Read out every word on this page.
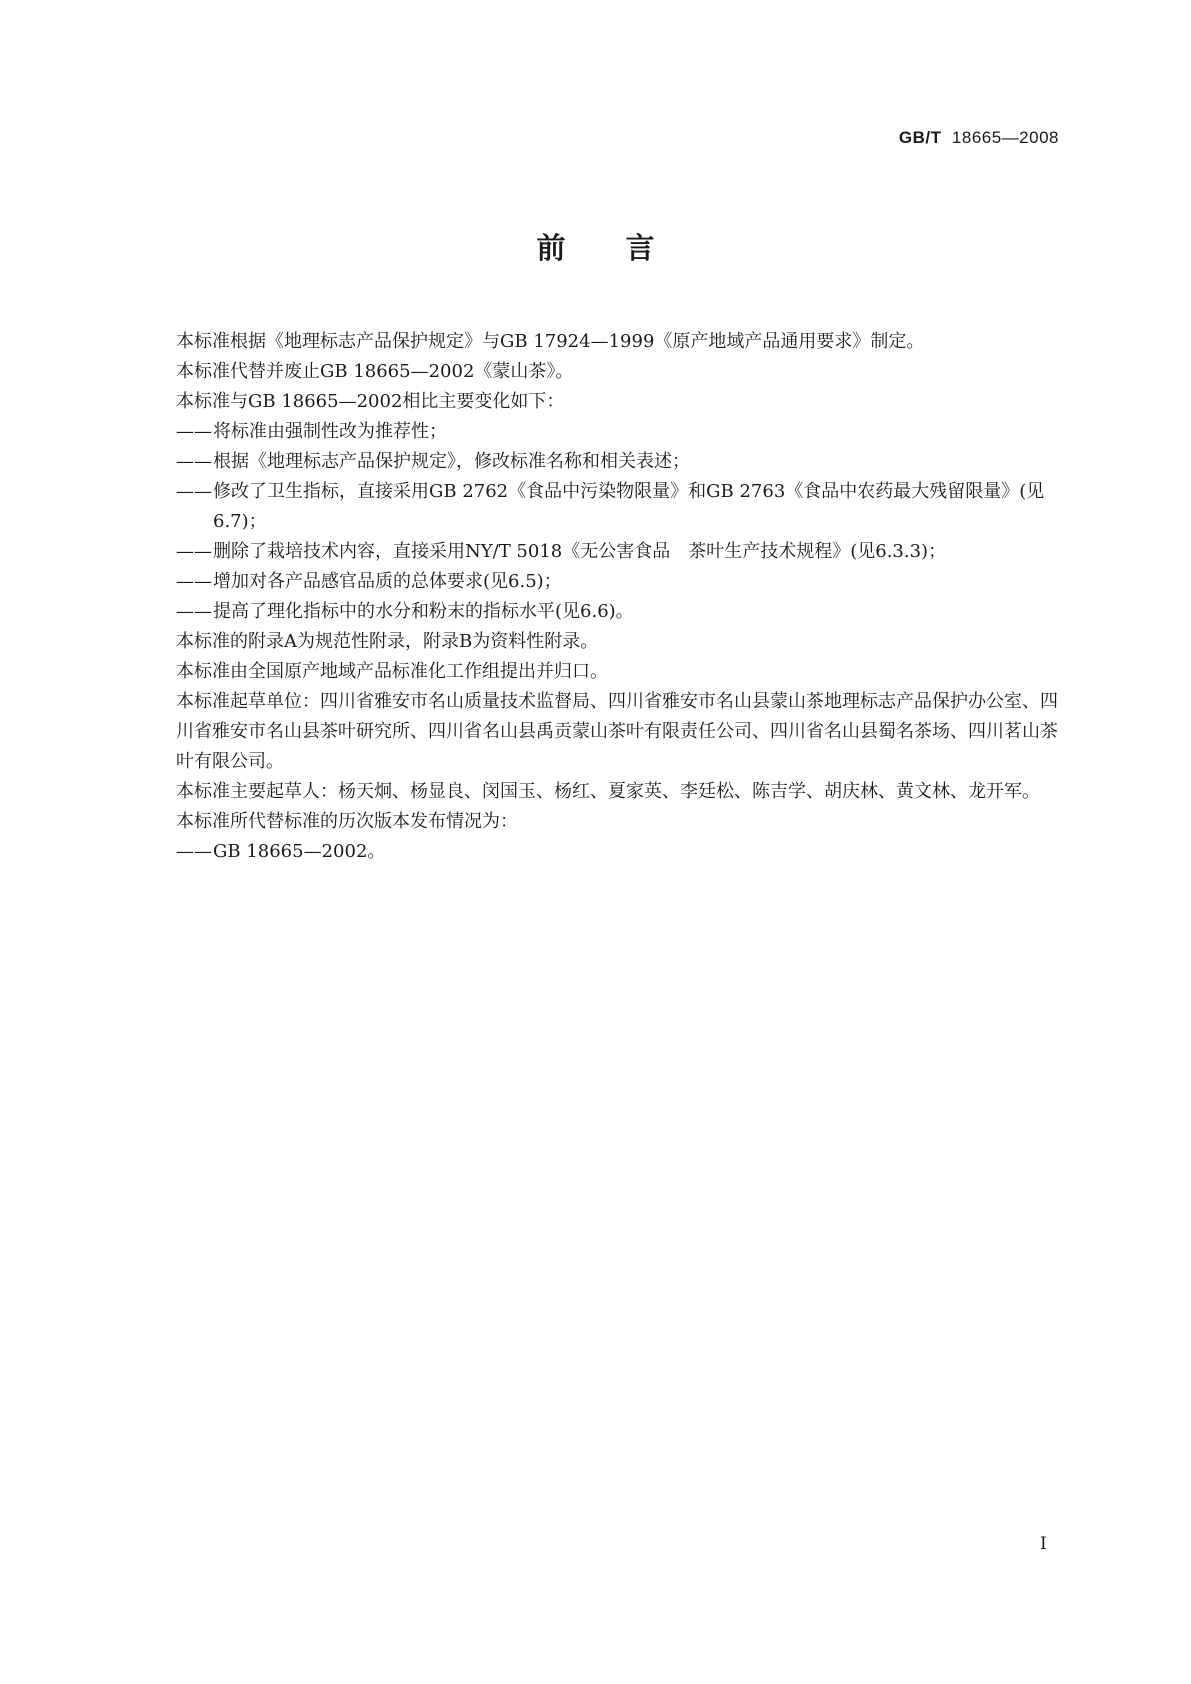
GB/T 18665—2008
前言
本标准根据《地理标志产品保护规定》与GB 17924—1999《原产地域产品通用要求》制定。
本标准代替并废止GB 18665—2002《蒙山茶》。
本标准与GB 18665—2002相比主要变化如下：
——将标准由强制性改为推荐性；
——根据《地理标志产品保护规定》，修改标准名称和相关表述；
——修改了卫生指标，直接采用GB 2762《食品中污染物限量》和GB 2763《食品中农药最大残留限量》(见6.7)；
——删除了栽培技术内容，直接采用NY/T 5018《无公害食品　茶叶生产技术规程》(见6.3.3)；
——增加对各产品感官品质的总体要求(见6.5)；
——提高了理化指标中的水分和粉末的指标水平(见6.6)。
本标准的附录A为规范性附录，附录B为资料性附录。
本标准由全国原产地域产品标准化工作组提出并归口。
本标准起草单位：四川省雅安市名山质量技术监督局、四川省雅安市名山县蒙山茶地理标志产品保护办公室、四川省雅安市名山县茶叶研究所、四川省名山县禹贡蒙山茶叶有限责任公司、四川省名山县蜀名茶场、四川茗山茶叶有限公司。
本标准主要起草人：杨天炯、杨显良、闵国玉、杨红、夏家英、李廷松、陈吉学、胡庆林、黄文林、龙开军。
本标准所代替标准的历次版本发布情况为：
——GB 18665—2002。
I
